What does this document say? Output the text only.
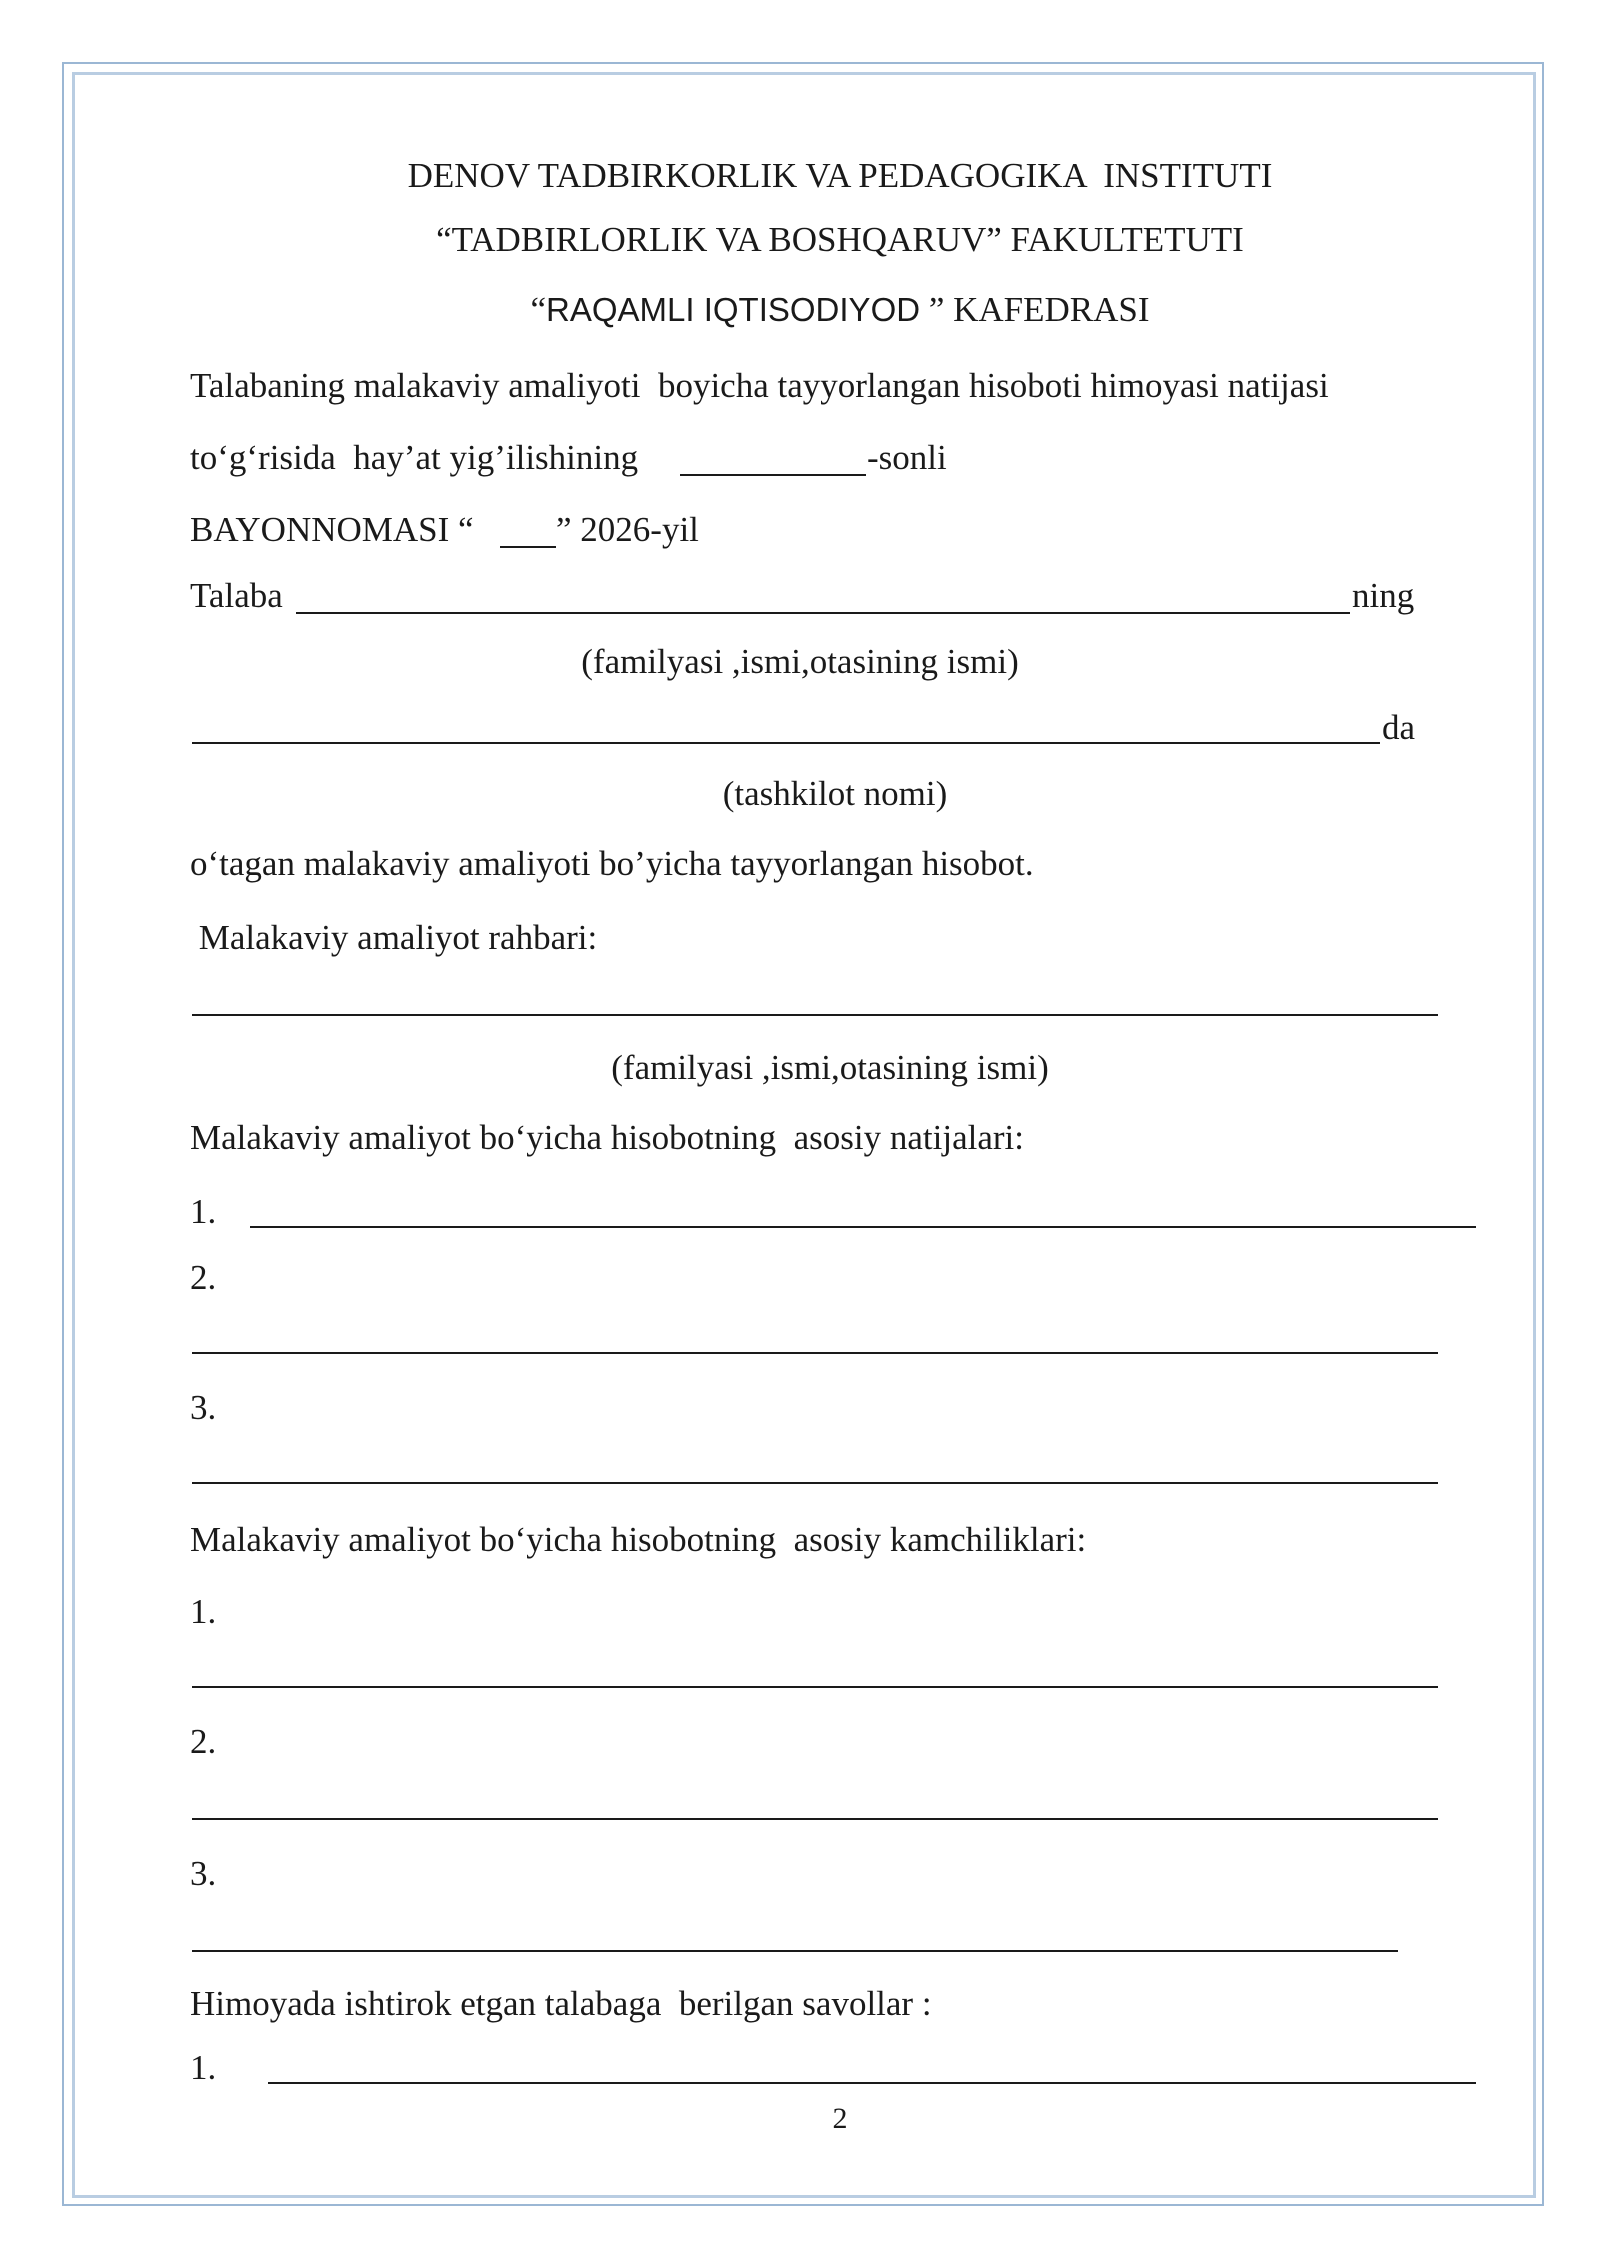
DENOV TADBIRKORLIK VA PEDAGOGIKA  INSTITUTI
“TADBIRLORLIK VA BOSHQARUV” FAKULTETUTI
“RAQAMLI IQTISODIYOD ” KAFEDRASI
Talabaning malakaviy amaliyoti  boyicha tayyorlangan hisoboti himoyasi natijasi
toʻgʻrisida  hay’at yig’ilishining	-sonli
BAYONNOMASI “ ” 2026-yil
Talaba	ning
(familyasi ,ismi,otasining ismi)
da
(tashkilot nomi)
oʻtagan malakaviy amaliyoti bo’yicha tayyorlangan hisobot.
Malakaviy amaliyot rahbari:
(familyasi ,ismi,otasining ismi)
Malakaviy amaliyot boʻyicha hisobotning  asosiy natijalari:
1.
2.
3.
Malakaviy amaliyot boʻyicha hisobotning  asosiy kamchiliklari:
1.
2.
3.
Himoyada ishtirok etgan talabaga  berilgan savollar :
1.
2
